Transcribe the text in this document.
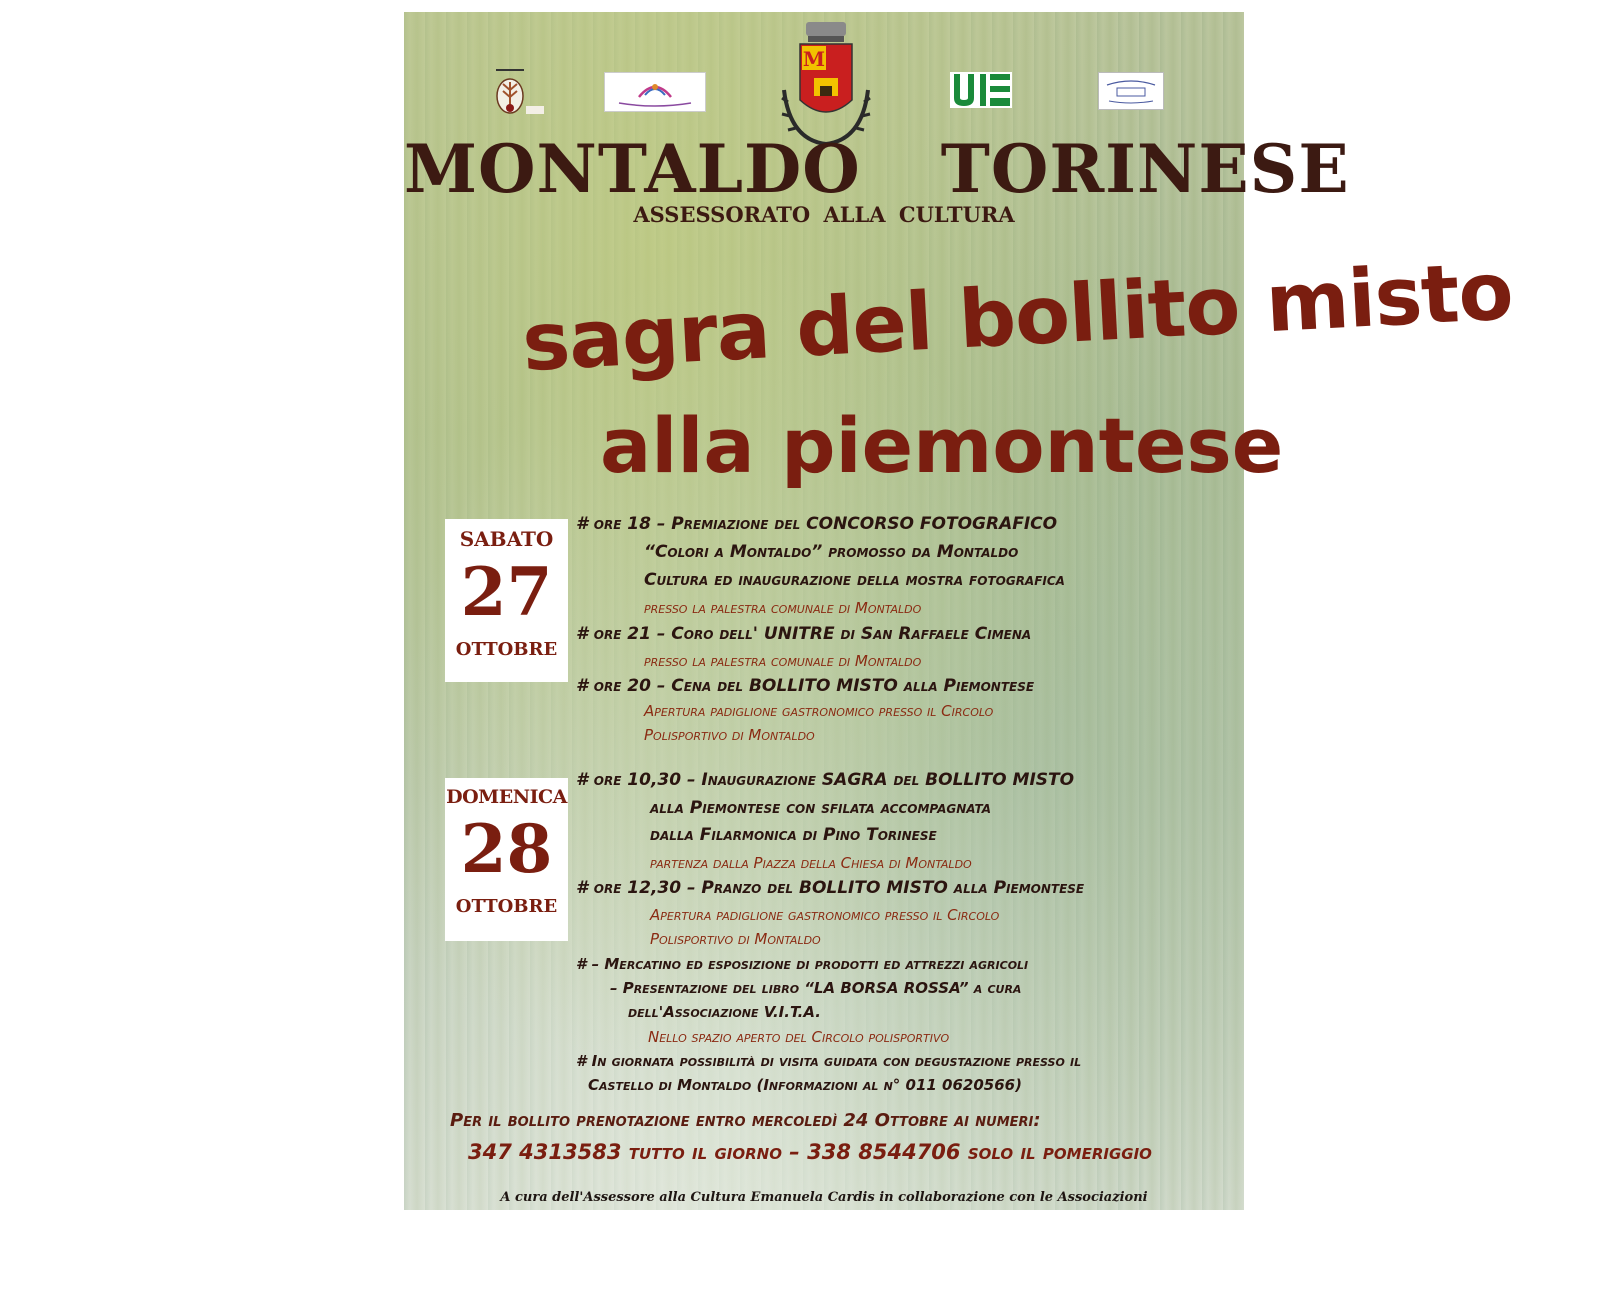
M
MONTALDO TORINESE
ASSESSORATO ALLA CULTURA
sagra del bollito misto
alla piemontese
SABATO
27
OTTOBRE
# ore 18 – Premiazione del CONCORSO FOTOGRAFICO
“Colori a Montaldo” promosso da Montaldo
Cultura ed inaugurazione della mostra fotografica
presso la palestra comunale di Montaldo
# ore 21 – Coro dell' UNITRE di San Raffaele Cimena
presso la palestra comunale di Montaldo
# ore 20 – Cena del BOLLITO MISTO alla Piemontese
Apertura padiglione gastronomico presso il Circolo
Polisportivo di Montaldo
DOMENICA
28
OTTOBRE
# ore 10,30 – Inaugurazione SAGRA del BOLLITO MISTO
alla Piemontese con sfilata accompagnata
dalla Filarmonica di Pino Torinese
partenza dalla Piazza della Chiesa di Montaldo
# ore 12,30 – Pranzo del BOLLITO MISTO alla Piemontese
Apertura padiglione gastronomico presso il Circolo
Polisportivo di Montaldo
# – Mercatino ed esposizione di prodotti ed attrezzi agricoli
– Presentazione del libro “LA BORSA ROSSA” a cura
dell'Associazione V.I.T.A.
Nello spazio aperto del Circolo polisportivo
# In giornata possibilità di visita guidata con degustazione presso il
Castello di Montaldo (Informazioni al n° 011 0620566)
Per il bollito prenotazione entro mercoledì 24 Ottobre ai numeri:
347 4313583 tutto il giorno – 338 8544706 solo il pomeriggio
A cura dell'Assessore alla Cultura Emanuela Cardis in collaborazione con le Associazioni
